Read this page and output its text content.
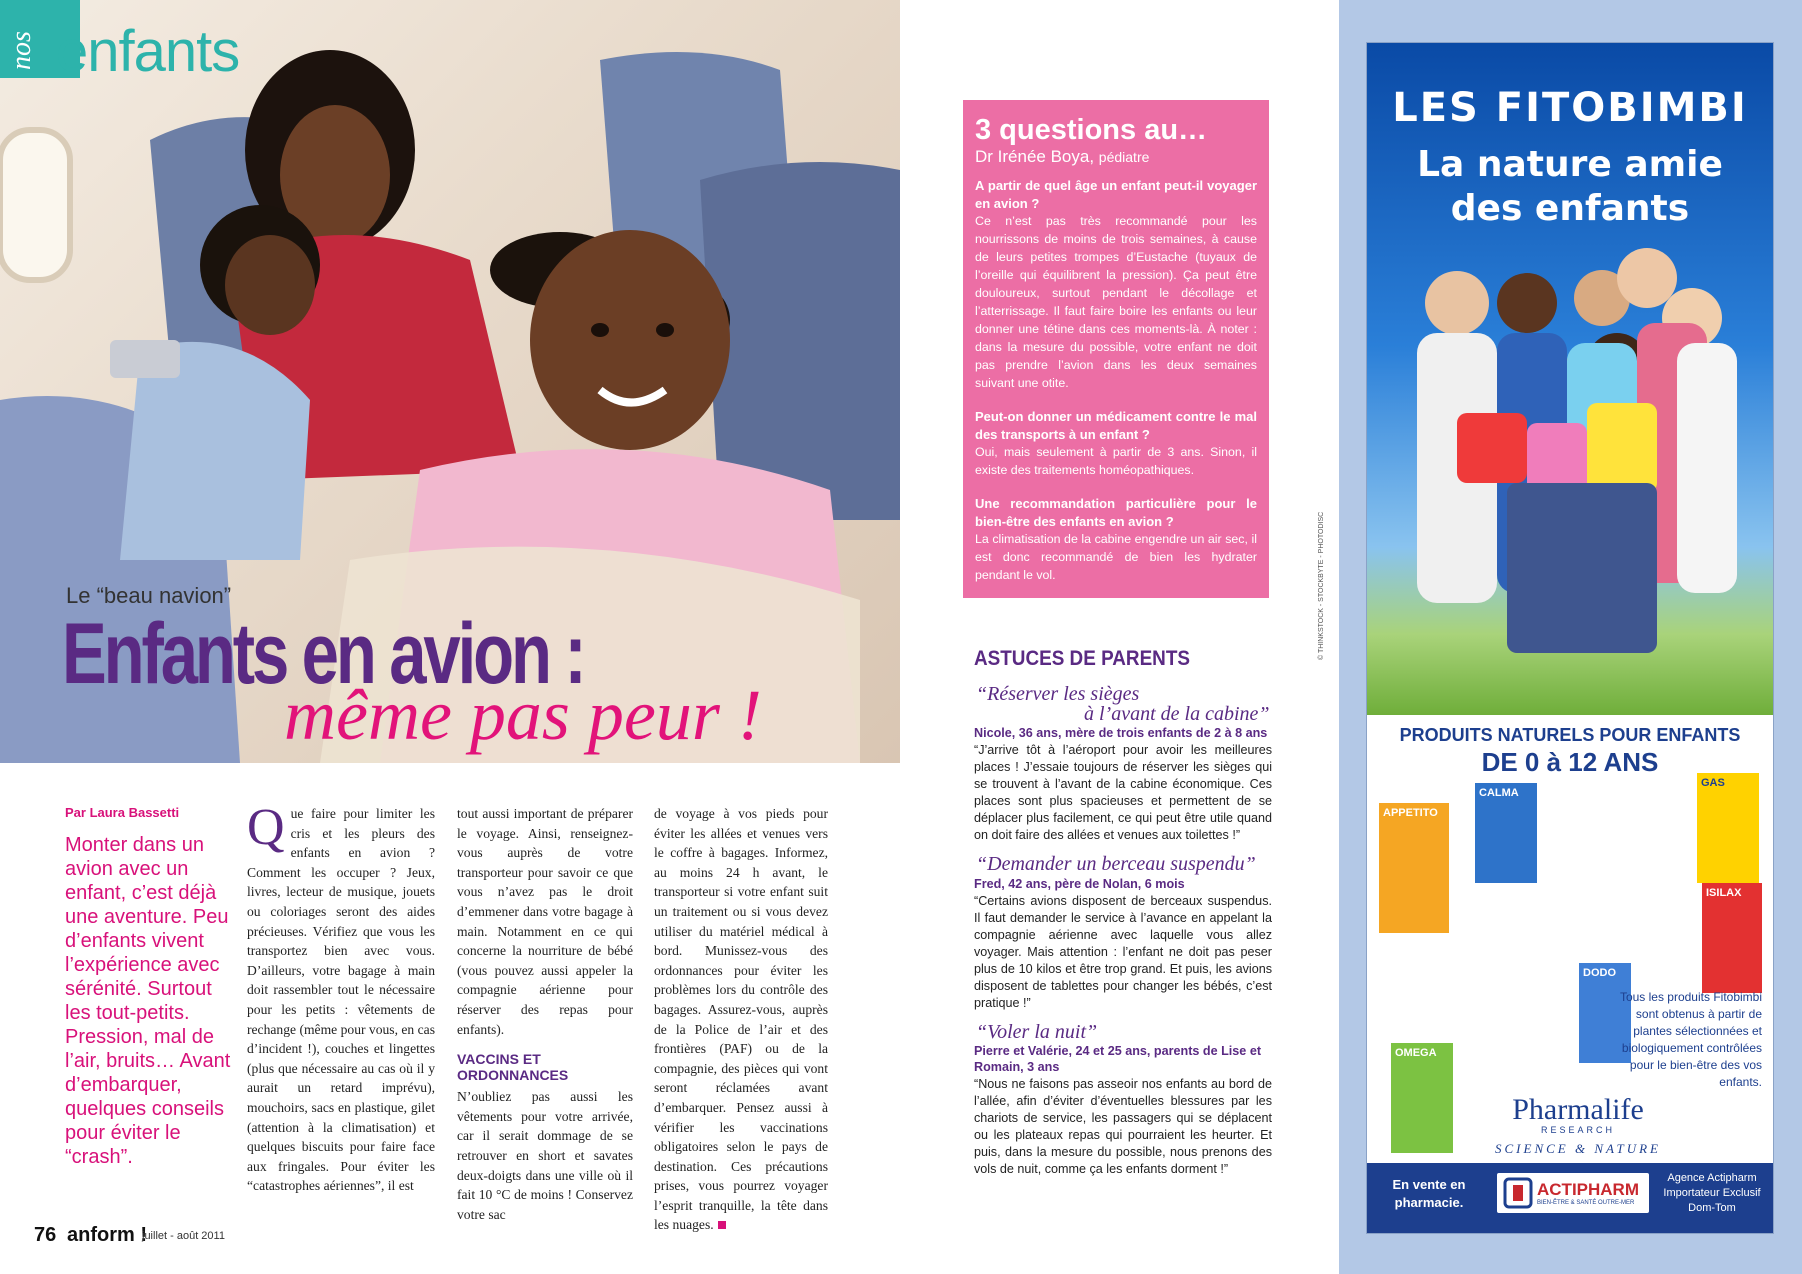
nos enfants
Le “beau navion”
Enfants en avion :
même pas peur !
Par Laura Bassetti
Monter dans un avion avec un enfant, c’est déjà une aventure. Peu d’enfants vivent l’expérience avec sérénité. Surtout les tout-petits. Pression, mal de l’air, bruits… Avant d’embarquer, quelques conseils pour éviter le “crash”.
Que faire pour limiter les cris et les pleurs des enfants en avion ? Comment les occuper ? Jeux, livres, lecteur de musique, jouets ou coloriages seront des aides précieuses. Vérifiez que vous les transportez bien avec vous. D’ailleurs, votre bagage à main doit rassembler tout le nécessaire pour les petits : vêtements de rechange (même pour vous, en cas d’incident !), couches et lingettes (plus que nécessaire au cas où il y aurait un retard imprévu), mouchoirs, sacs en plastique, gilet (attention à la climatisation) et quelques biscuits pour faire face aux fringales. Pour éviter les “catastrophes aériennes”, il est
tout aussi important de préparer le voyage. Ainsi, renseignez-vous auprès de votre transporteur pour savoir ce que vous n’avez pas le droit d’emmener dans votre bagage à main. Notamment en ce qui concerne la nourriture de bébé (vous pouvez aussi appeler la compagnie aérienne pour réserver des repas pour enfants).
VACCINS ET ORDONNANCES
N’oubliez pas aussi les vêtements pour votre arrivée, car il serait dommage de se retrouver en short et savates deux-doigts dans une ville où il fait 10 °C de moins ! Conservez votre sac
de voyage à vos pieds pour éviter les allées et venues vers le coffre à bagages. Informez, au moins 24 h avant, le transporteur si votre enfant suit un traitement ou si vous devez utiliser du matériel médical à bord. Munissez-vous des ordonnances pour éviter les problèmes lors du contrôle des bagages. Assurez-vous, auprès de la Police de l’air et des frontières (PAF) ou de la compagnie, des pièces qui vont seront réclamées avant d’embarquer. Pensez aussi à vérifier les vaccinations obligatoires selon le pays de destination. Ces précautions prises, vous pourrez voyager l’esprit tranquille, la tête dans les nuages.
76 anform !
juillet - août 2011
3 questions au…
Dr Irénée Boya, pédiatre
A partir de quel âge un enfant peut-il voyager en avion ?
Ce n’est pas très recommandé pour les nourrissons de moins de trois semaines, à cause de leurs petites trompes d’Eustache (tuyaux de l’oreille qui équilibrent la pression). Ça peut être douloureux, surtout pendant le décollage et l’atterrissage. Il faut faire boire les enfants ou leur donner une tétine dans ces moments-là. À noter : dans la mesure du possible, votre enfant ne doit pas prendre l’avion dans les deux semaines suivant une otite.
Peut-on donner un médicament contre le mal des transports à un enfant ?
Oui, mais seulement à partir de 3 ans. Sinon, il existe des traitements homéopathiques.
Une recommandation particulière pour le bien-être des enfants en avion ?
La climatisation de la cabine engendre un air sec, il est donc recommandé de bien les hydrater pendant le vol.	© THINKSTOCK - STOCKBYTE - PHOTODISC
ASTUCES DE PARENTS
“Réserver les sièges
à l’avant de la cabine”
Nicole, 36 ans, mère de trois enfants de 2 à 8 ans
“J’arrive tôt à l’aéroport pour avoir les meilleures places ! J’essaie toujours de réserver les sièges qui se trouvent à l’avant de la cabine économique. Ces places sont plus spacieuses et permettent de se déplacer plus facilement, ce qui peut être utile quand on doit faire des allées et venues aux toilettes !”
“Demander un berceau suspendu”
Fred, 42 ans, père de Nolan, 6 mois
“Certains avions disposent de berceaux suspendus. Il faut demander le service à l’avance en appelant la compagnie aérienne avec laquelle vous allez voyager. Mais attention : l’enfant ne doit pas peser plus de 10 kilos et être trop grand. Et puis, les avions disposent de tablettes pour changer les bébés, c’est pratique !”
“Voler la nuit”
Pierre et Valérie, 24 et 25 ans, parents de Lise et Romain, 3 ans
“Nous ne faisons pas asseoir nos enfants au bord de l’allée, afin d’éviter d’éventuelles blessures par les chariots de service, les passagers qui se déplacent ou les plateaux repas qui pourraient les heurter. Et puis, dans la mesure du possible, nous prenons des vols de nuit, comme ça les enfants dorment !”
LES FITOBIMBI
La nature amie
des enfants
PRODUITS NATURELS POUR ENFANTS
DE 0 à 12 ANS
APPETITO
CALMA
GAS
DODO
ISILAX
OMEGA
Tous les produits Fitobimbi sont obtenus à partir de plantes sélectionnées et biologiquement contrôlées pour le bien-être des vos enfants.
Pharmalife
RESEARCH
SCIENCE & NATURE
En vente en pharmacie.
ACTIPHARM
BIEN-ÊTRE & SANTÉ OUTRE-MER
Agence Actipharm Importateur Exclusif Dom-Tom
